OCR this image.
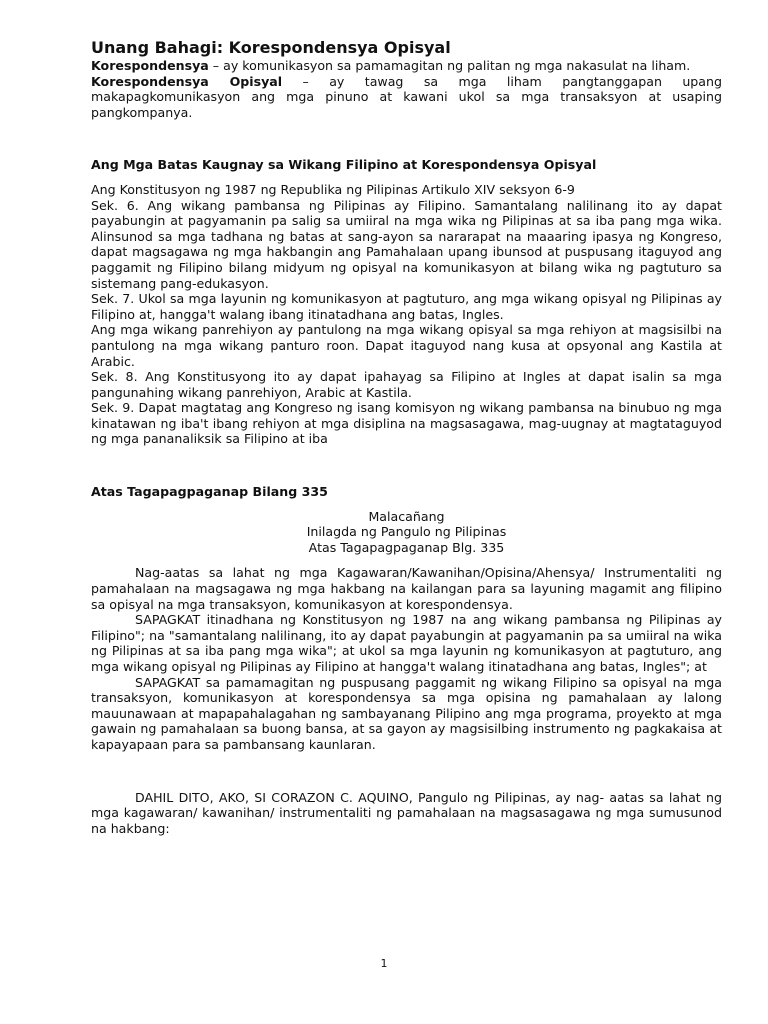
Unang Bahagi: Korespondensya Opisyal

Korespondensya – ay komunikasyon sa pamamagitan ng palitan ng mga nakasulat na liham.

Korespondensya Opisyal – ay tawag sa mga liham pangtanggapan upang makapagkomunikasyon ang mga pinuno at kawani ukol sa mga transaksyon at usaping pangkompanya.

Ang Mga Batas Kaugnay sa Wikang Filipino at Korespondensya Opisyal

Ang Konstitusyon ng 1987 ng Republika ng Pilipinas Artikulo XIV seksyon 6-9

Sek. 6. Ang wikang pambansa ng Pilipinas ay Filipino. Samantalang nalilinang ito ay dapat payabungin at pagyamanin pa salig sa umiiral na mga wika ng Pilipinas at sa iba pang mga wika. Alinsunod sa mga tadhana ng batas at sang-ayon sa nararapat na maaaring ipasya ng Kongreso, dapat magsagawa ng mga hakbangin ang Pamahalaan upang ibunsod at puspusang itaguyod ang paggamit ng Filipino bilang midyum ng opisyal na komunikasyon at bilang wika ng pagtuturo sa sistemang pang-edukasyon.

Sek. 7. Ukol sa mga layunin ng komunikasyon at pagtuturo, ang mga wikang opisyal ng Pilipinas ay Filipino at, hangga't walang ibang itinatadhana ang batas, Ingles.

Ang mga wikang panrehiyon ay pantulong na mga wikang opisyal sa mga rehiyon at magsisilbi na pantulong na mga wikang panturo roon. Dapat itaguyod nang kusa at opsyonal ang Kastila at Arabic.

Sek. 8. Ang Konstitusyong ito ay dapat ipahayag sa Filipino at Ingles at dapat isalin sa mga pangunahing wikang panrehiyon, Arabic at Kastila.

Sek. 9. Dapat magtatag ang Kongreso ng isang komisyon ng wikang pambansa na binubuo ng mga kinatawan ng iba't ibang rehiyon at mga disiplina na magsasagawa, mag-uugnay at magtataguyod ng mga pananaliksik sa Filipino at iba

Atas Tagapagpaganap Bilang 335

Malacañang

Inilagda ng Pangulo ng Pilipinas

Atas Tagapagpaganap Blg. 335

Nag-aatas sa lahat ng mga Kagawaran/Kawanihan/Opisina/Ahensya/ Instrumentaliti ng pamahalaan na magsagawa ng mga hakbang na kailangan para sa layuning magamit ang filipino sa opisyal na mga transaksyon, komunikasyon at korespondensya.

SAPAGKAT itinadhana ng Konstitusyon ng 1987 na ang wikang pambansa ng Pilipinas ay Filipino"; na "samantalang nalilinang, ito ay dapat payabungin at pagyamanin pa sa umiiral na wika ng Pilipinas at sa iba pang mga wika"; at ukol sa mga layunin ng komunikasyon at pagtuturo, ang mga wikang opisyal ng Pilipinas ay Filipino at hangga't walang itinatadhana ang batas, Ingles"; at

SAPAGKAT sa pamamagitan ng puspusang paggamit ng wikang Filipino sa opisyal na mga transaksyon, komunikasyon at korespondensya sa mga opisina ng pamahalaan ay lalong mauunawaan at mapapahalagahan ng sambayanang Pilipino ang mga programa, proyekto at mga gawain ng pamahalaan sa buong bansa, at sa gayon ay magsisilbing instrumento ng pagkakaisa at kapayapaan para sa pambansang kaunlaran.

DAHIL DITO, AKO, SI CORAZON C. AQUINO, Pangulo ng Pilipinas, ay nag- aatas sa lahat ng mga kagawaran/ kawanihan/ instrumentaliti ng pamahalaan na magsasagawa ng mga sumusunod na hakbang:

1
